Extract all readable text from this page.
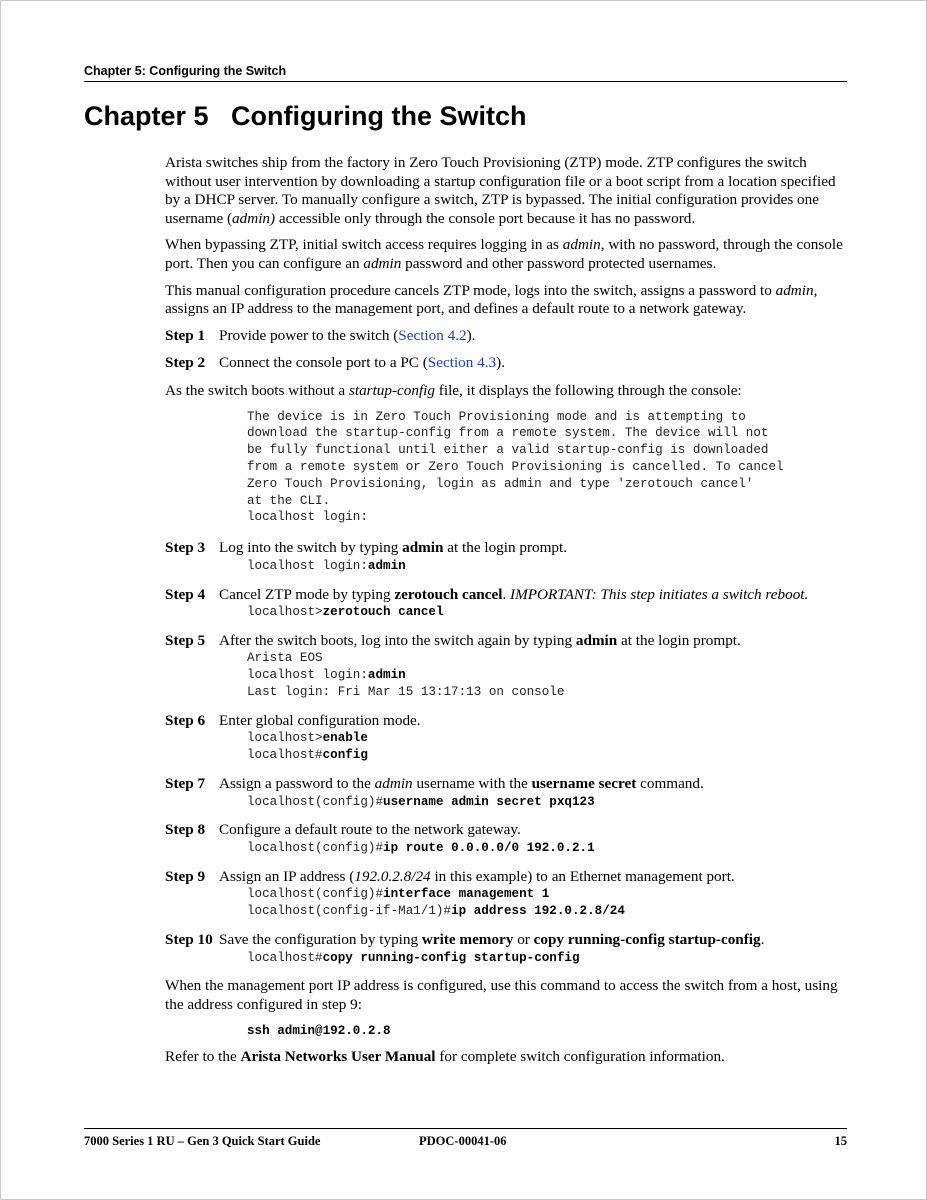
Chapter 5: Configuring the Switch
Chapter 5   Configuring the Switch

Arista switches ship from the factory in Zero Touch Provisioning (ZTP) mode. ZTP configures the switch without user intervention by downloading a startup configuration file or a boot script from a location specified by a DHCP server. To manually configure a switch, ZTP is bypassed. The initial configuration provides one username (admin) accessible only through the console port because it has no password.

When bypassing ZTP, initial switch access requires logging in as admin, with no password, through the console port. Then you can configure an admin password and other password protected usernames.

This manual configuration procedure cancels ZTP mode, logs into the switch, assigns a password to admin, assigns an IP address to the management port, and defines a default route to a network gateway.

Step 1 Provide power to the switch (Section 4.2).
Step 2 Connect the console port to a PC (Section 4.3).

As the switch boots without a startup-config file, it displays the following through the console:

The device is in Zero Touch Provisioning mode and is attempting to
download the startup-config from a remote system. The device will not
be fully functional until either a valid startup-config is downloaded
from a remote system or Zero Touch Provisioning is cancelled. To cancel
Zero Touch Provisioning, login as admin and type 'zerotouch cancel'
at the CLI.
localhost login:
Step 3 Log into the switch by typing admin at the login prompt.
localhost login:admin
Step 4 Cancel ZTP mode by typing zerotouch cancel. IMPORTANT: This step initiates a switch reboot.
localhost>zerotouch cancel
Step 5 After the switch boots, log into the switch again by typing admin at the login prompt.
Arista EOS
localhost login:admin
Last login: Fri Mar 15 13:17:13 on console
Step 6 Enter global configuration mode.
localhost>enable
localhost#config
Step 7 Assign a password to the admin username with the username secret command.
localhost(config)#username admin secret pxq123
Step 8 Configure a default route to the network gateway.
localhost(config)#ip route 0.0.0.0/0 192.0.2.1
Step 9 Assign an IP address (192.0.2.8/24 in this example) to an Ethernet management port.
localhost(config)#interface management 1
localhost(config-if-Ma1/1)#ip address 192.0.2.8/24
Step 10 Save the configuration by typing write memory or copy running-config startup-config.
localhost#copy running-config startup-config

When the management port IP address is configured, use this command to access the switch from a host, using the address configured in step 9:

ssh admin@192.0.2.8

Refer to the Arista Networks User Manual for complete switch configuration information.

7000 Series 1 RU – Gen 3 Quick Start Guide	PDOC-00041-06	15
